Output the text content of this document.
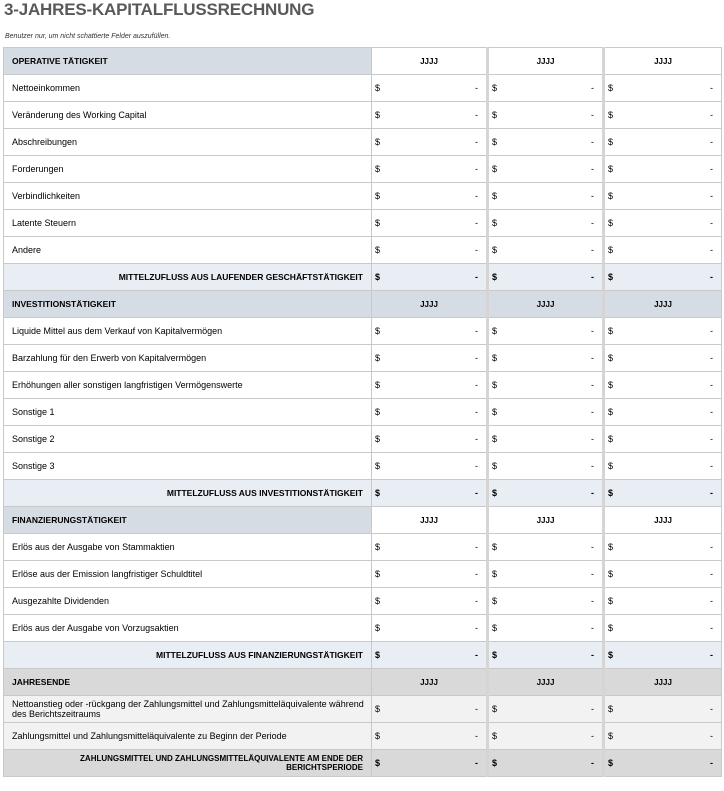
3-JAHRES-KAPITALFLUSSRECHNUNG
Benutzer nur, um nicht schattierte Felder auszufüllen.
OPERATIVE TÄTIGKEIT	JJJJ	JJJJ	JJJJ
Nettoeinkommen	$ -	$ -	$ -

Veränderung des Working Capital	$ -	$ -	$ -

Abschreibungen	$ -	$ -	$ -

Forderungen	$ -	$ -	$ -

Verbindlichkeiten	$ -	$ -	$ -

Latente Steuern	$ -	$ -	$ -

Andere	$ -	$ -	$ -

MITTELZUFLUSS AUS LAUFENDER GESCHÄFTSTÄTIGKEIT	$ -	$ -	$ -

INVESTITIONSTÄTIGKEIT	JJJJ	JJJJ	JJJJ
Liquide Mittel aus dem Verkauf von Kapitalvermögen	$ -	$ -	$ -

Barzahlung für den Erwerb von Kapitalvermögen	$ -	$ -	$ -

Erhöhungen aller sonstigen langfristigen Vermögenswerte	$ -	$ -	$ -

Sonstige 1	$ -	$ -	$ -

Sonstige 2	$ -	$ -	$ -

Sonstige 3	$ -	$ -	$ -

MITTELZUFLUSS AUS INVESTITIONSTÄTIGKEIT	$ -	$ -	$ -

FINANZIERUNGSTÄTIGKEIT	JJJJ	JJJJ	JJJJ
Erlös aus der Ausgabe von Stammaktien	$ -	$ -	$ -

Erlöse aus der Emission langfristiger Schuldtitel	$ -	$ -	$ -

Ausgezahlte Dividenden	$ -	$ -	$ -

Erlös aus der Ausgabe von Vorzugsaktien	$ -	$ -	$ -

MITTELZUFLUSS AUS FINANZIERUNGSTÄTIGKEIT	$ -	$ -	$ -

JAHRESENDE	JJJJ	JJJJ	JJJJ
Nettoanstieg oder -rückgang der Zahlungsmittel und Zahlungsmitteläquivalente während des Berichtszeitraums	$ -	$ -	$ -

Zahlungsmittel und Zahlungsmitteläquivalente zu Beginn der Periode	$ -	$ -	$ -

ZAHLUNGSMITTEL UND ZAHLUNGSMITTELÄQUIVALENTE AM ENDE DER BERICHTSPERIODE	$ -	$ -	$ -
